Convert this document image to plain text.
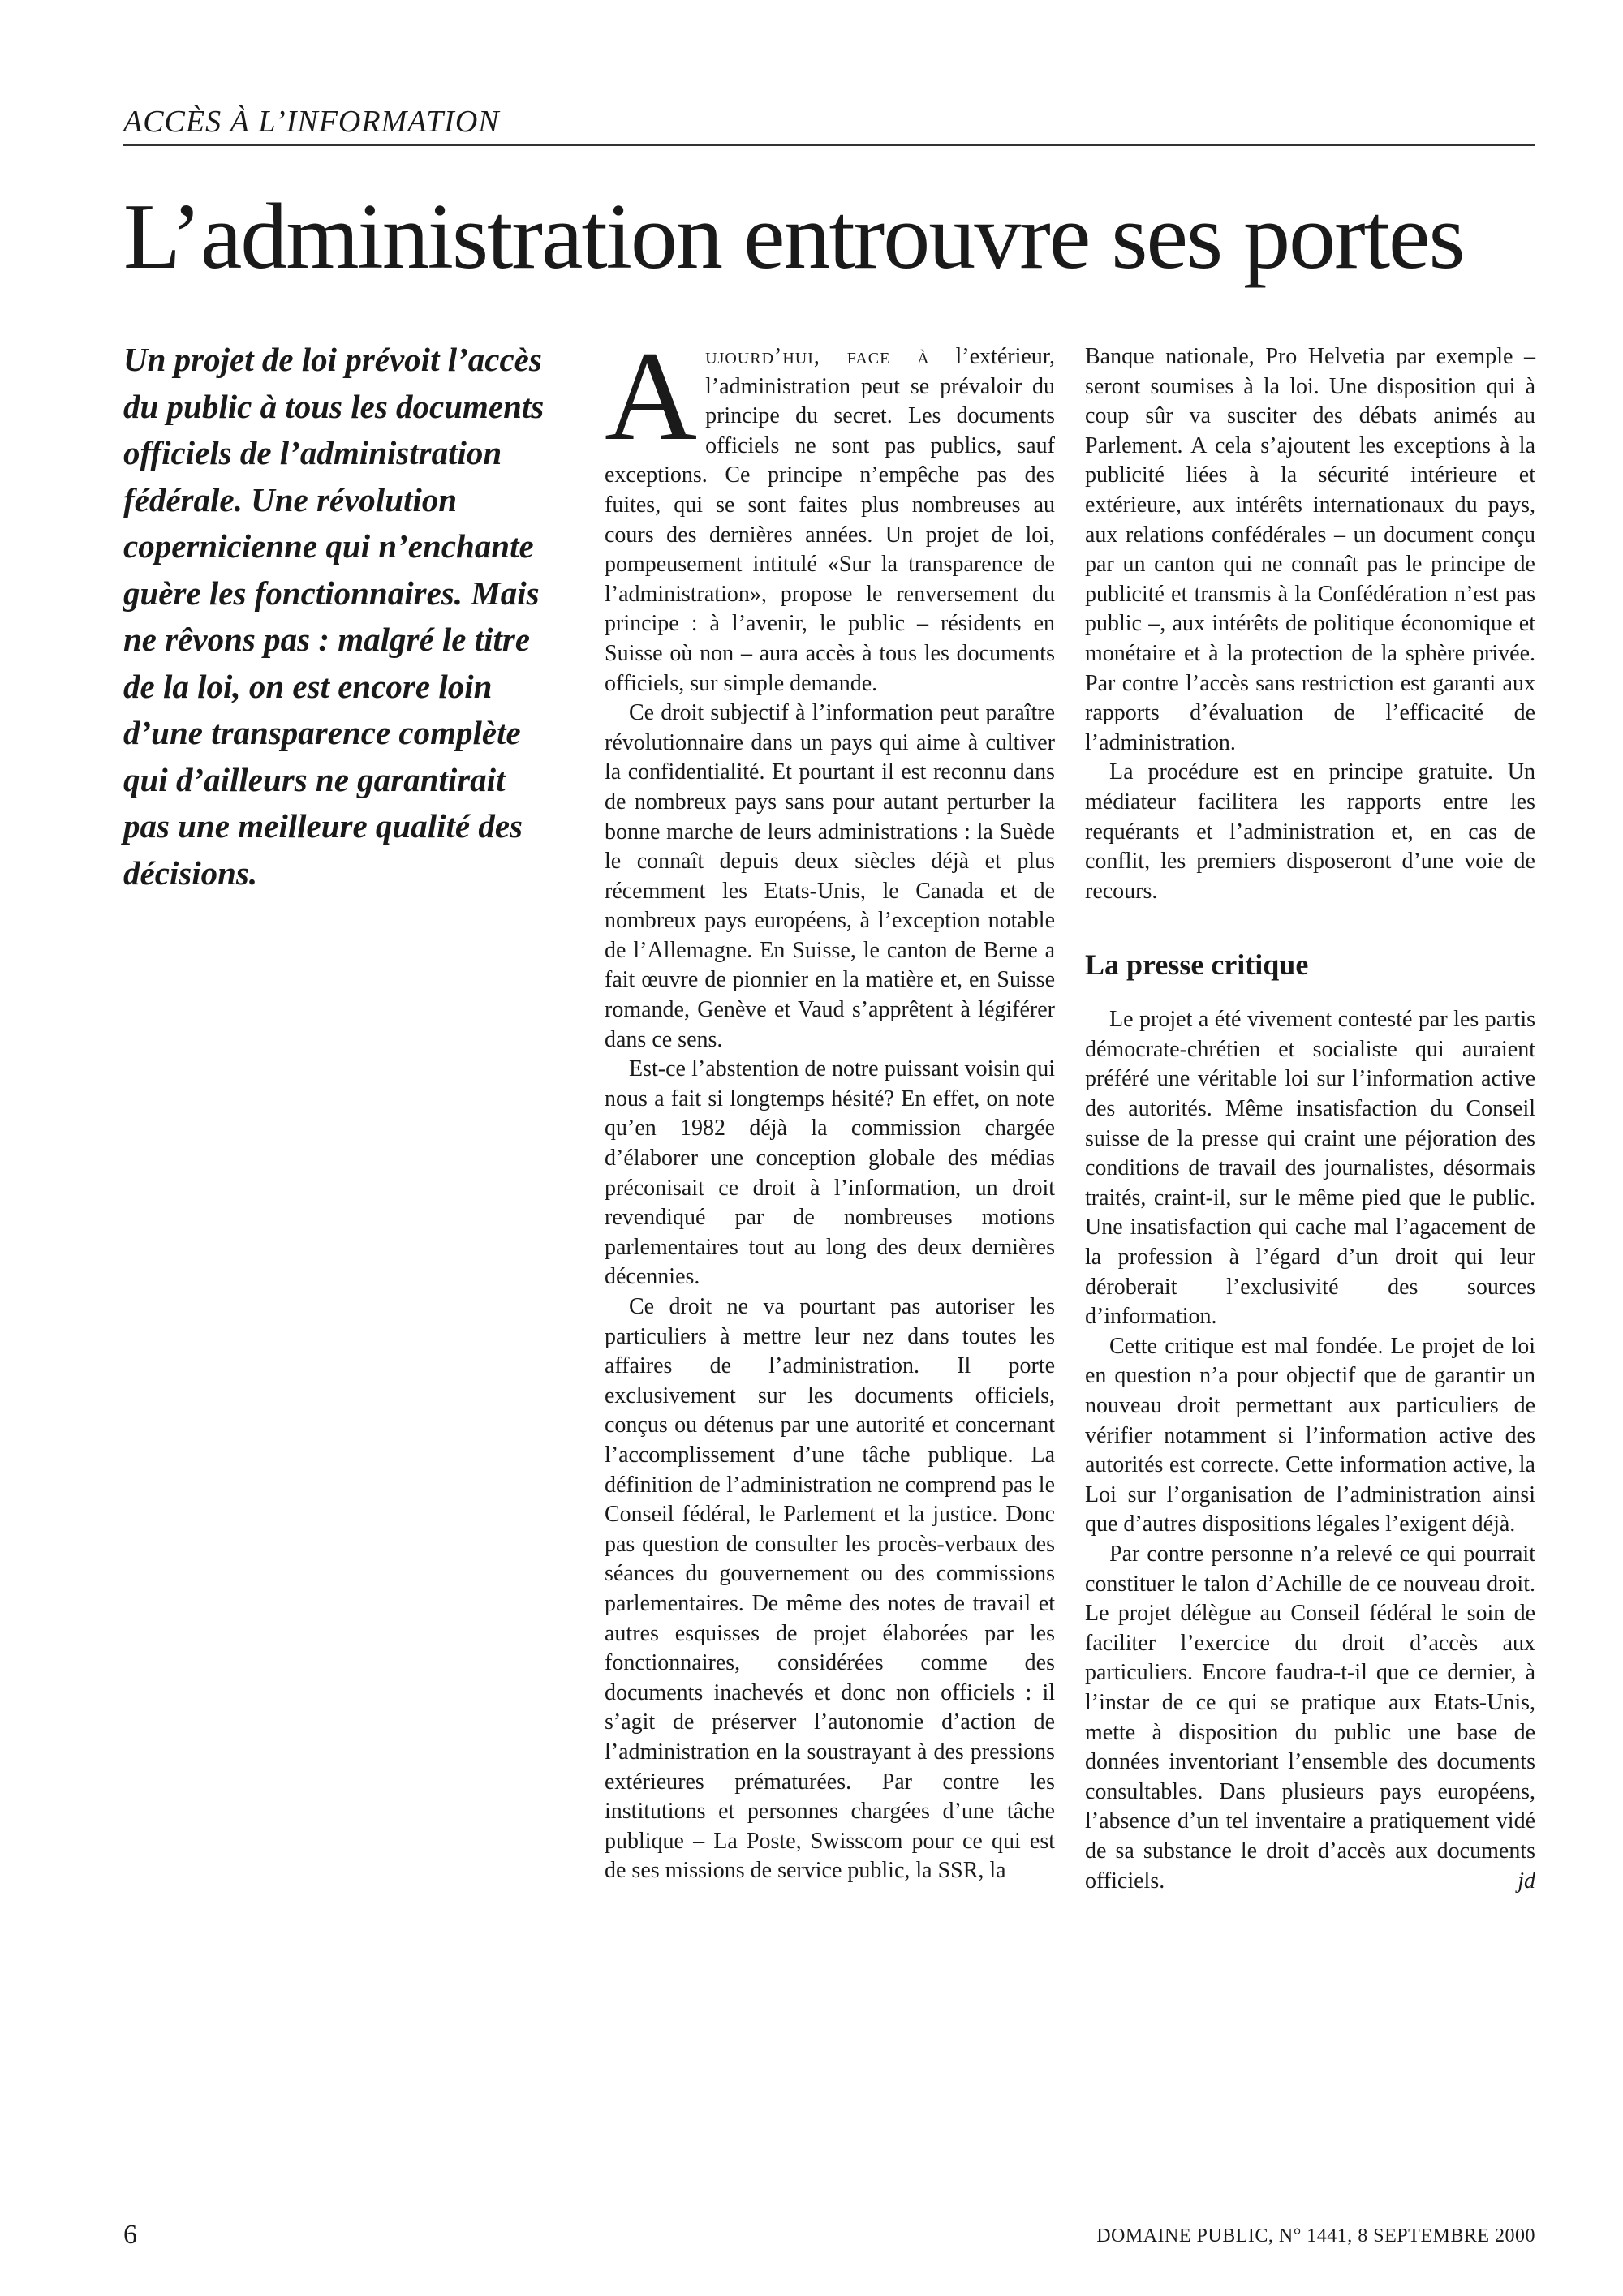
ACCÈS À L’INFORMATION
L’administration entrouvre ses portes

Un projet de loi prévoit l’accès du public à tous les documents officiels de l’administration fédérale. Une révolution copernicienne qui n’enchante guère les fonctionnaires. Mais ne rêvons pas : malgré le titre de la loi, on est encore loin d’une transparence complète qui d’ailleurs ne garantirait pas une meilleure qualité des décisions.

Aujourd’hui, face à l’extérieur, l’administration peut se prévaloir du principe du secret. Les documents officiels ne sont pas publics, sauf exceptions. Ce principe n’empêche pas des fuites, qui se sont faites plus nombreuses au cours des dernières années. Un projet de loi, pompeusement intitulé «Sur la transparence de l’administration», propose le renversement du principe : à l’avenir, le public – résidents en Suisse où non – aura accès à tous les documents officiels, sur simple demande.

Ce droit subjectif à l’information peut paraître révolutionnaire dans un pays qui aime à cultiver la confidentialité. Et pourtant il est reconnu dans de nombreux pays sans pour autant perturber la bonne marche de leurs administrations : la Suède le connaît depuis deux siècles déjà et plus récemment les Etats-Unis, le Canada et de nombreux pays européens, à l’exception notable de l’Allemagne. En Suisse, le canton de Berne a fait œuvre de pionnier en la matière et, en Suisse romande, Genève et Vaud s’apprêtent à légiférer dans ce sens.

Est-ce l’abstention de notre puissant voisin qui nous a fait si longtemps hésité? En effet, on note qu’en 1982 déjà la commission chargée d’élaborer une conception globale des médias préconisait ce droit à l’information, un droit revendiqué par de nombreuses motions parlementaires tout au long des deux dernières décennies.

Ce droit ne va pourtant pas autoriser les particuliers à mettre leur nez dans toutes les affaires de l’administration. Il porte exclusivement sur les documents officiels, conçus ou détenus par une autorité et concernant l’accomplissement d’une tâche publique. La définition de l’administration ne comprend pas le Conseil fédéral, le Parlement et la justice. Donc pas question de consulter les procès-verbaux des séances du gouvernement ou des commissions parlementaires. De même des notes de travail et autres esquisses de projet élaborées par les fonctionnaires, considérées comme des documents inachevés et donc non officiels : il s’agit de préserver l’autonomie d’action de l’administration en la soustrayant à des pressions extérieures prématurées. Par contre les institutions et personnes chargées d’une tâche publique – La Poste, Swisscom pour ce qui est de ses missions de service public, la SSR, la

Banque nationale, Pro Helvetia par exemple – seront soumises à la loi. Une disposition qui à coup sûr va susciter des débats animés au Parlement. A cela s’ajoutent les exceptions à la publicité liées à la sécurité intérieure et extérieure, aux intérêts internationaux du pays, aux relations confédérales – un document conçu par un canton qui ne connaît pas le principe de publicité et transmis à la Confédération n’est pas public –, aux intérêts de politique économique et monétaire et à la protection de la sphère privée. Par contre l’accès sans restriction est garanti aux rapports d’évaluation de l’efficacité de l’administration.

La procédure est en principe gratuite. Un médiateur facilitera les rapports entre les requérants et l’administration et, en cas de conflit, les premiers disposeront d’une voie de recours.

La presse critique

Le projet a été vivement contesté par les partis démocrate-chrétien et socialiste qui auraient préféré une véritable loi sur l’information active des autorités. Même insatisfaction du Conseil suisse de la presse qui craint une péjoration des conditions de travail des journalistes, désormais traités, craint-il, sur le même pied que le public. Une insatisfaction qui cache mal l’agacement de la profession à l’égard d’un droit qui leur déroberait l’exclusivité des sources d’information.

Cette critique est mal fondée. Le projet de loi en question n’a pour objectif que de garantir un nouveau droit permettant aux particuliers de vérifier notamment si l’information active des autorités est correcte. Cette information active, la Loi sur l’organisation de l’administration ainsi que d’autres dispositions légales l’exigent déjà.

Par contre personne n’a relevé ce qui pourrait constituer le talon d’Achille de ce nouveau droit. Le projet délègue au Conseil fédéral le soin de faciliter l’exercice du droit d’accès aux particuliers. Encore faudra-t-il que ce dernier, à l’instar de ce qui se pratique aux Etats-Unis, mette à disposition du public une base de données inventoriant l’ensemble des documents consultables. Dans plusieurs pays européens, l’absence d’un tel inventaire a pratiquement vidé de sa substance le droit d’accès aux documents officiels.	jd

6	DOMAINE PUBLIC, N° 1441, 8 SEPTEMBRE 2000
